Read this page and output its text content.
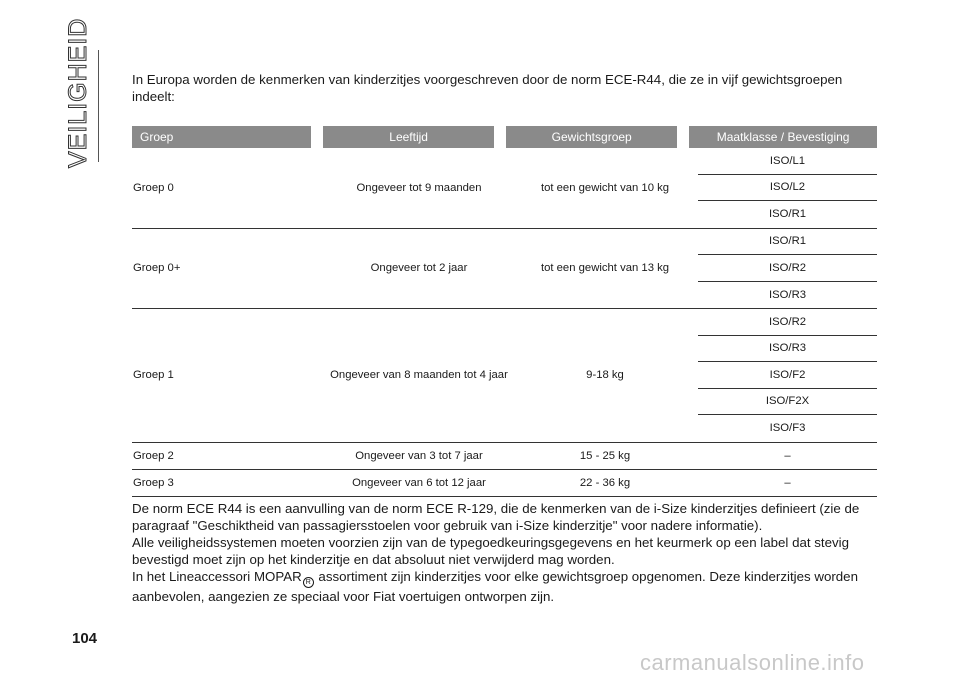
VEILIGHEID	In Europa worden de kenmerken van kinderzitjes voorgeschreven door de norm ECE-R44, die ze in vijf gewichtsgroepen indeelt:

Groep	Leeftijd	Gewichtsgroep	Maatklasse / Bevestiging
Groep 0	Ongeveer tot 9 maanden	tot een gewicht van 10 kg
ISO/L1
ISO/L2
ISO/R1
Groep 0+	Ongeveer tot 2 jaar	tot een gewicht van 13 kg
ISO/R1
ISO/R2
ISO/R3
Groep 1	Ongeveer van 8 maanden tot 4 jaar	9-18 kg
ISO/R2
ISO/R3
ISO/F2
ISO/F2X
ISO/F3
Groep 2	Ongeveer van 3 tot 7 jaar	15 - 25 kg	–
Groep 3	Ongeveer van 6 tot 12 jaar	22 - 36 kg	–

De norm ECE R44 is een aanvulling van de norm ECE R-129, die de kenmerken van de i-Size kinderzitjes definieert (zie de paragraaf "Geschiktheid van passagiersstoelen voor gebruik van i-Size kinderzitje" voor nadere informatie).

Alle veiligheidssystemen moeten voorzien zijn van de typegoedkeuringsgegevens en het keurmerk op een label dat stevig bevestigd moet zijn op het kinderzitje en dat absoluut niet verwijderd mag worden.

In het Lineaccessori MOPAR R assortiment zijn kinderzitjes voor elke gewichtsgroep opgenomen. Deze kinderzitjes worden aanbevolen, aangezien ze speciaal voor Fiat voertuigen ontworpen zijn.

104
carmanualsonline.info
